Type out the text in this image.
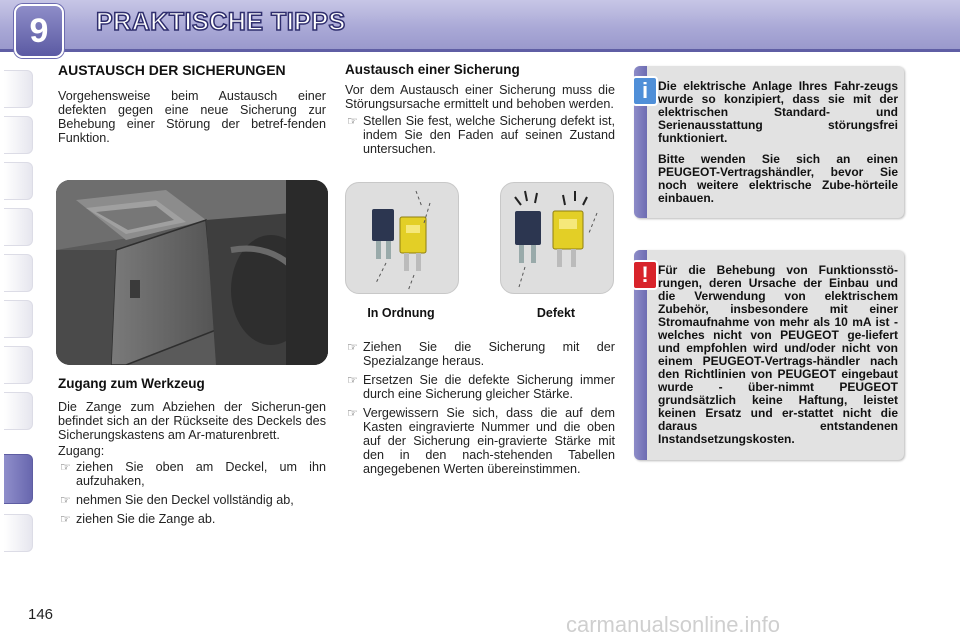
9	PRAKTISCHE TIPPS
AUSTAUSCH DER SICHERUNGEN

Vorgehensweise beim Austausch einer defekten gegen eine neue Sicherung zur Behebung einer Störung der betref-fenden Funktion.

Zugang zum Werkzeug

Die Zange zum Abziehen der Sicherun-gen befindet sich an der Rückseite des Deckels des Sicherungskastens am Ar-maturenbrett.

Zugang:

☞ ziehen Sie oben am Deckel, um ihn aufzuhaken,

☞ nehmen Sie den Deckel vollständig ab,

☞ ziehen Sie die Zange ab.

Austausch einer Sicherung

Vor dem Austausch einer Sicherung muss die Störungsursache ermittelt und behoben werden.

☞ Stellen Sie fest, welche Sicherung defekt ist, indem Sie den Faden auf seinen Zustand untersuchen.

In Ordnung	Defekt

☞ Ziehen Sie die Sicherung mit der Spezialzange heraus.

☞ Ersetzen Sie die defekte Sicherung immer durch eine Sicherung gleicher Stärke.

☞ Vergewissern Sie sich, dass die auf dem Kasten eingravierte Nummer und die oben auf der Sicherung ein-gravierte Stärke mit den in den nach-stehenden Tabellen angegebenen Werten übereinstimmen.

i Die elektrische Anlage Ihres Fahr-zeugs wurde so konzipiert, dass sie mit der elektrischen Standard- und Serienausstattung störungsfrei funktioniert.

Bitte wenden Sie sich an einen PEUGEOT-Vertragshändler, bevor Sie noch weitere elektrische Zube-hörteile einbauen.

! Für die Behebung von Funktionsstö-rungen, deren Ursache der Einbau und die Verwendung von elektrischem Zubehör, insbesondere mit einer Stromaufnahme von mehr als 10 mA ist - welches nicht von PEUGEOT ge-liefert und empfohlen wird und/oder nicht von einem PEUGEOT-Vertrags-händler nach den Richtlinien von PEUGEOT eingebaut wurde - über-nimmt PEUGEOT grundsätzlich keine Haftung, leistet keinen Ersatz und er-stattet nicht die daraus entstandenen Instandsetzungskosten.

146	carmanualsonline.info
